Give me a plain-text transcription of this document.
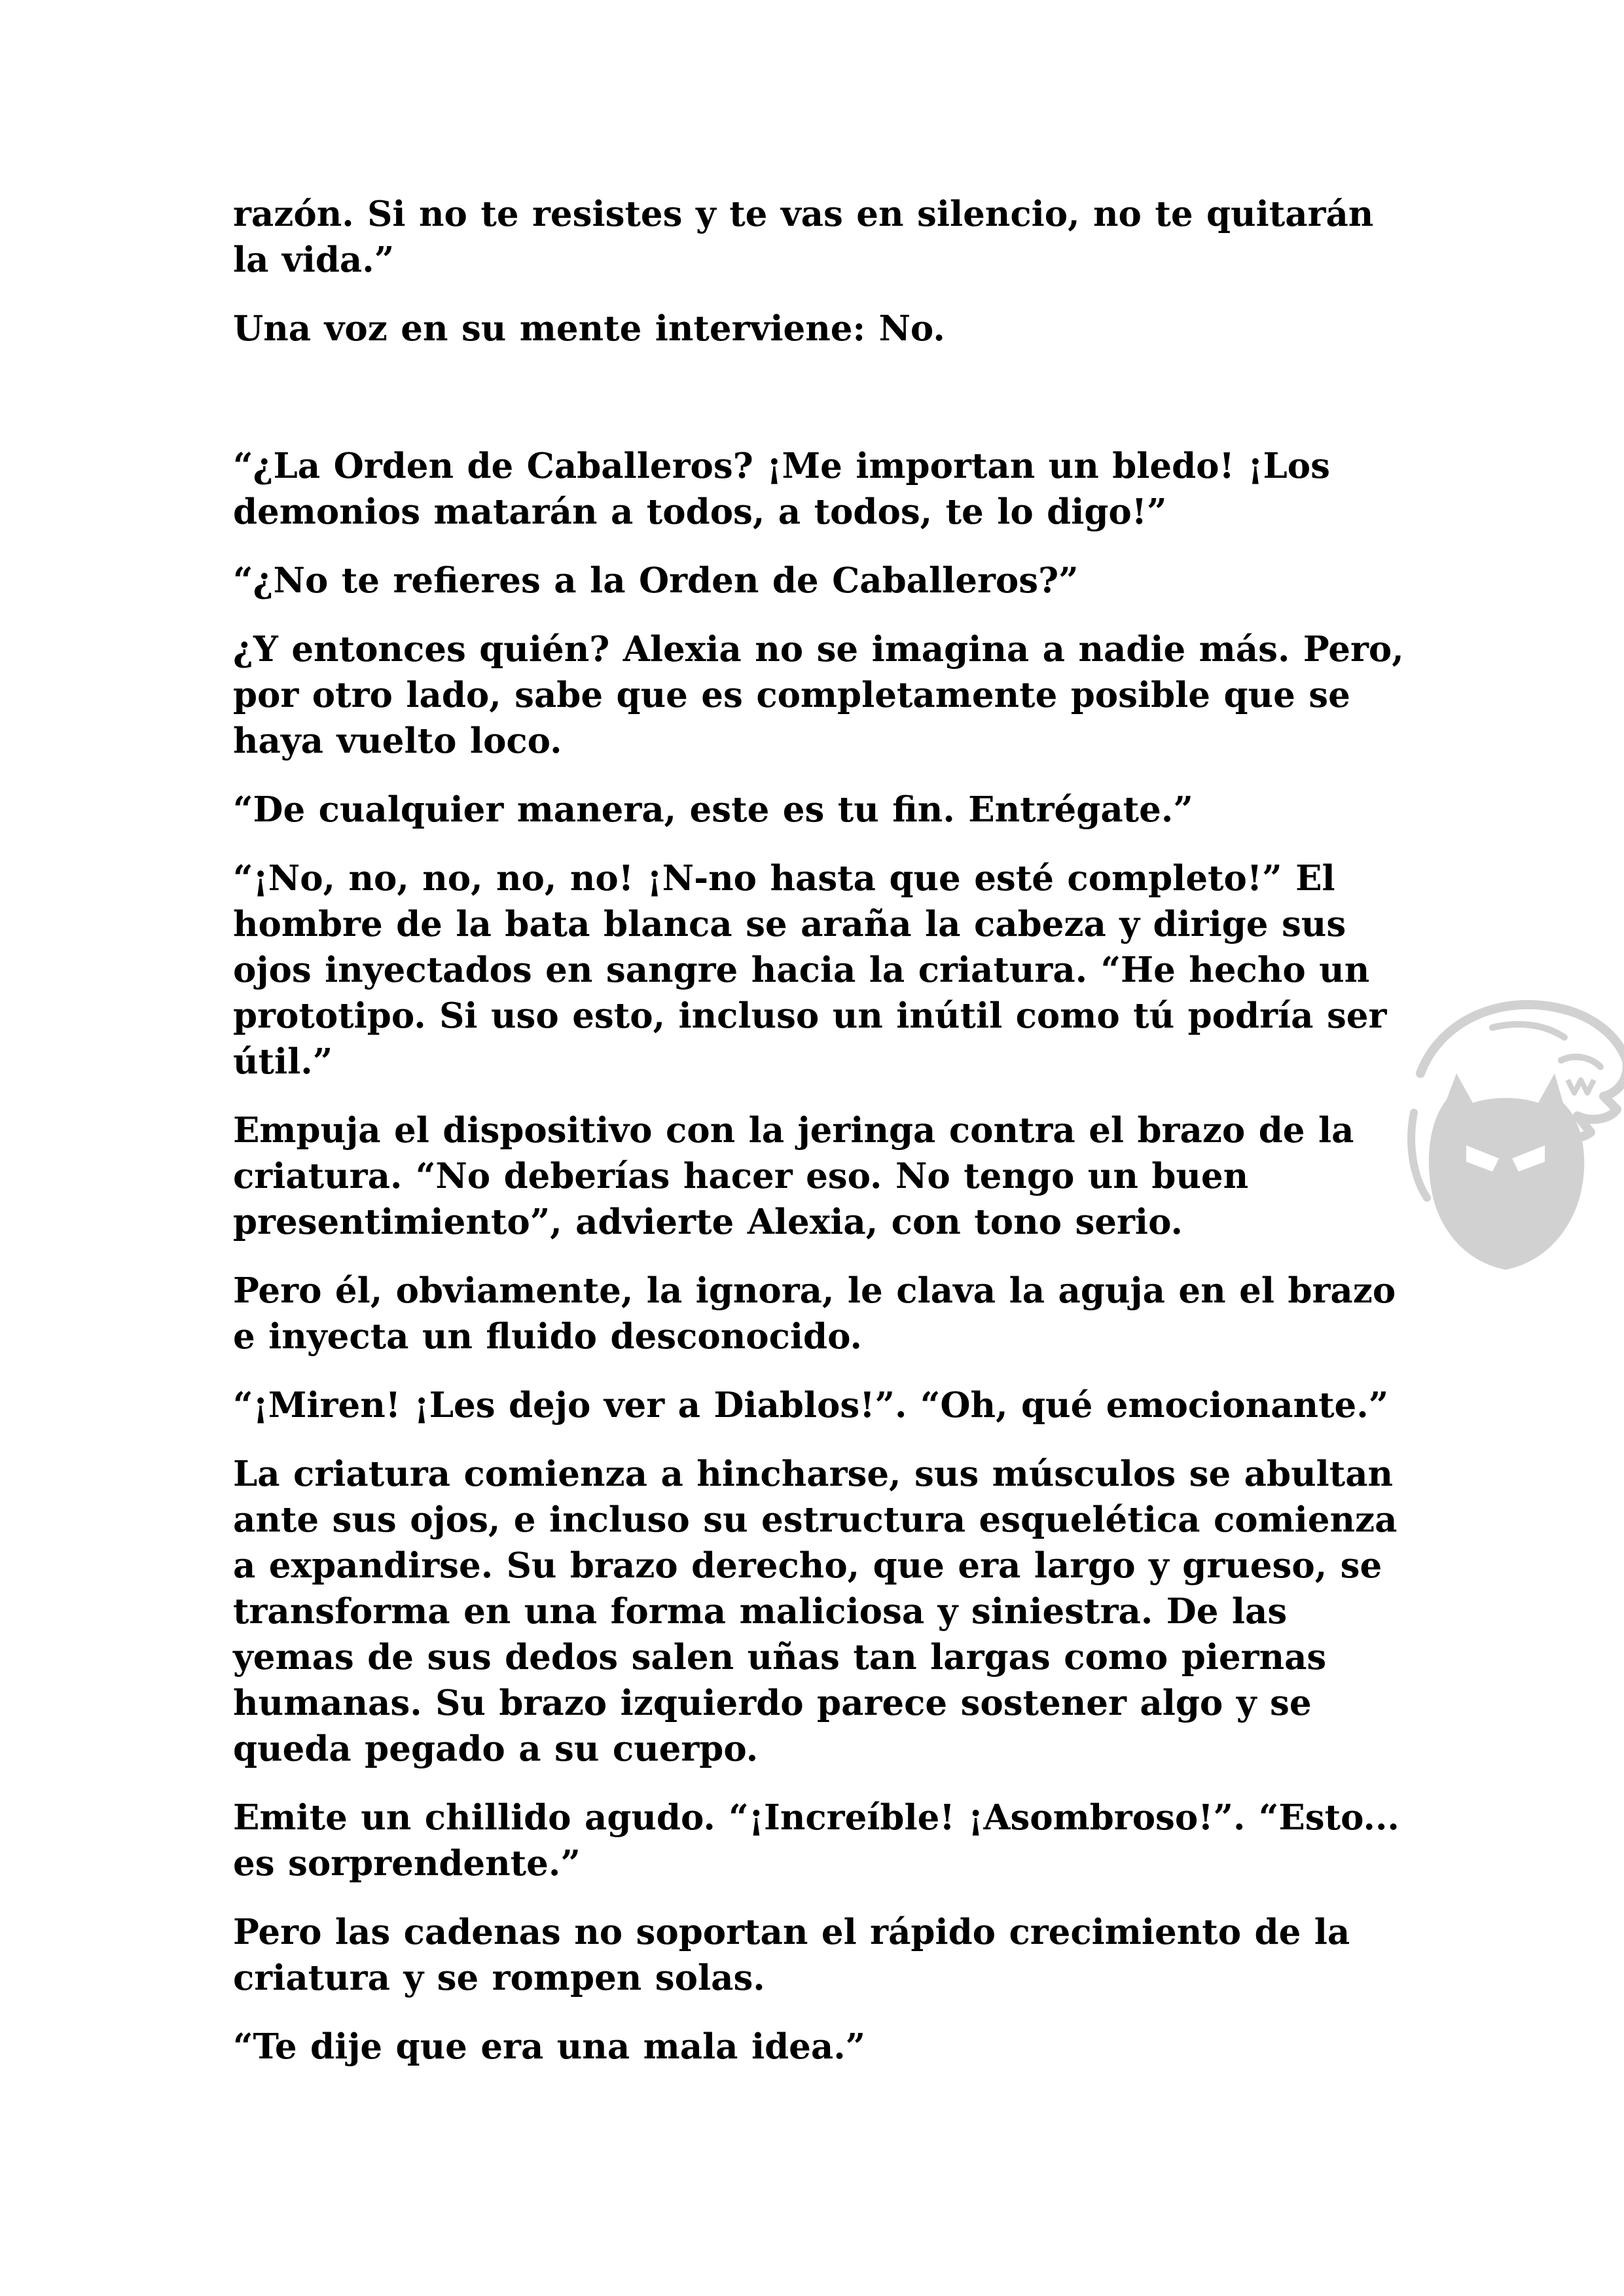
razón. Si no te resistes y te vas en silencio, no te quitarán la vida.”

Una voz en su mente interviene: No.

“¿La Orden de Caballeros? ¡Me importan un bledo! ¡Los demonios matarán a todos, a todos, te lo digo!”

“¿No te refieres a la Orden de Caballeros?”

¿Y entonces quién? Alexia no se imagina a nadie más. Pero, por otro lado, sabe que es completamente posible que se haya vuelto loco.

“De cualquier manera, este es tu fin. Entrégate.”

“¡No, no, no, no, no! ¡N-no hasta que esté completo!” El hombre de la bata blanca se araña la cabeza y dirige sus ojos inyectados en sangre hacia la criatura. “He hecho un prototipo. Si uso esto, incluso un inútil como tú podría ser útil.”

Empuja el dispositivo con la jeringa contra el brazo de la criatura. “No deberías hacer eso. No tengo un buen presentimiento”, advierte Alexia, con tono serio.

Pero él, obviamente, la ignora, le clava la aguja en el brazo e inyecta un fluido desconocido.

“¡Miren! ¡Les dejo ver a Diablos!”. “Oh, qué emocionante.”

La criatura comienza a hincharse, sus músculos se abultan ante sus ojos, e incluso su estructura esquelética comienza a expandirse. Su brazo derecho, que era largo y grueso, se transforma en una forma maliciosa y siniestra. De las yemas de sus dedos salen uñas tan largas como piernas humanas. Su brazo izquierdo parece sostener algo y se queda pegado a su cuerpo.

Emite un chillido agudo. “¡Increíble! ¡Asombroso!”. “Esto... es sorprendente.”

Pero las cadenas no soportan el rápido crecimiento de la criatura y se rompen solas.

“Te dije que era una mala idea.”
